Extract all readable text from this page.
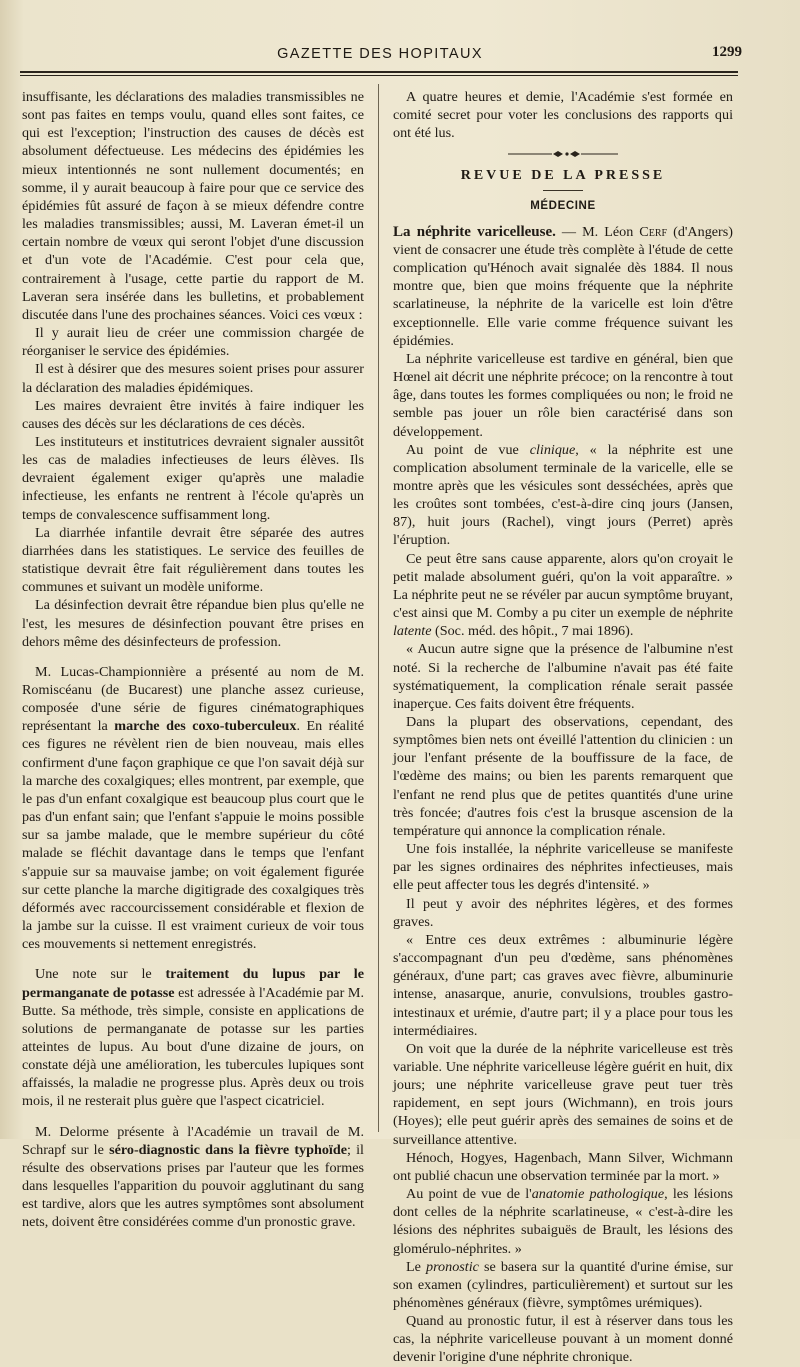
GAZETTE DES HOPITAUX	1299

insuffisante, les déclarations des maladies transmissibles ne sont pas faites en temps voulu, quand elles sont faites, ce qui est l'exception; l'instruction des causes de décès est absolument défectueuse. Les médecins des épidémies les mieux intentionnés ne sont nullement documentés; en somme, il y aurait beaucoup à faire pour que ce service des épidémies fût assuré de façon à se mieux défendre contre les maladies transmissibles; aussi, M. Laveran émet-il un certain nombre de vœux qui seront l'objet d'une discussion et d'un vote de l'Académie. C'est pour cela que, contrairement à l'usage, cette partie du rapport de M. Laveran sera insérée dans les bulletins, et probablement discutée dans l'une des prochaines séances. Voici ces vœux :

Il y aurait lieu de créer une commission chargée de réorganiser le service des épidémies.

Il est à désirer que des mesures soient prises pour assurer la déclaration des maladies épidémiques.

Les maires devraient être invités à faire indiquer les causes des décès sur les déclarations de ces décès.

Les instituteurs et institutrices devraient signaler aussitôt les cas de maladies infectieuses de leurs élèves. Ils devraient également exiger qu'après une maladie infectieuse, les enfants ne rentrent à l'école qu'après un temps de convalescence suffisamment long.

La diarrhée infantile devrait être séparée des autres diarrhées dans les statistiques. Le service des feuilles de statistique devrait être fait régulièrement dans toutes les communes et suivant un modèle uniforme.

La désinfection devrait être répandue bien plus qu'elle ne l'est, les mesures de désinfection pouvant être prises en dehors même des désinfecteurs de profession.

M. Lucas-Championnière a présenté au nom de M. Romiscéanu (de Bucarest) une planche assez curieuse, composée d'une série de figures cinématographiques représentant la marche des coxo-tuberculeux. En réalité ces figures ne révèlent rien de bien nouveau, mais elles confirment d'une façon graphique ce que l'on savait déjà sur la marche des coxalgiques; elles montrent, par exemple, que le pas d'un enfant coxalgique est beaucoup plus court que le pas d'un enfant sain; que l'enfant s'appuie le moins possible sur sa jambe malade, que le membre supérieur du côté malade se fléchit davantage dans le temps que l'enfant s'appuie sur sa mauvaise jambe; on voit également figurée sur cette planche la marche digitigrade des coxalgiques très déformés avec raccourcissement considérable et flexion de la jambe sur la cuisse. Il est vraiment curieux de voir tous ces mouvements si nettement enregistrés.

Une note sur le traitement du lupus par le permanganate de potasse est adressée à l'Académie par M. Butte. Sa méthode, très simple, consiste en applications de solutions de permanganate de potasse sur les parties atteintes de lupus. Au bout d'une dizaine de jours, on constate déjà une amélioration, les tubercules lupiques sont affaissés, la maladie ne progresse plus. Après deux ou trois mois, il ne resterait plus guère que l'aspect cicatriciel.

M. Delorme présente à l'Académie un travail de M. Schrapf sur le séro-diagnostic dans la fièvre typhoïde; il résulte des observations prises par l'auteur que les formes dans lesquelles l'apparition du pouvoir agglutinant du sang est tardive, alors que les autres symptômes sont absolument nets, doivent être considérées comme d'un pronostic grave.

A quatre heures et demie, l'Académie s'est formée en comité secret pour voter les conclusions des rapports qui ont été lus.

REVUE DE LA PRESSE
MÉDECINE

La néphrite varicelleuse. — M. Léon Cerf (d'Angers) vient de consacrer une étude très complète à l'étude de cette complication qu'Hénoch avait signalée dès 1884. Il nous montre que, bien que moins fréquente que la néphrite scarlatineuse, la néphrite de la varicelle est loin d'être exceptionnelle. Elle varie comme fréquence suivant les épidémies.

La néphrite varicelleuse est tardive en général, bien que Hœnel ait décrit une néphrite précoce; on la rencontre à tout âge, dans toutes les formes compliquées ou non; le froid ne semble pas jouer un rôle bien caractérisé dans son développement.

Au point de vue clinique, « la néphrite est une complication absolument terminale de la varicelle, elle se montre après que les vésicules sont desséchées, après que les croûtes sont tombées, c'est-à-dire cinq jours (Jansen, 87), huit jours (Rachel), vingt jours (Perret) après l'éruption.

Ce peut être sans cause apparente, alors qu'on croyait le petit malade absolument guéri, qu'on la voit apparaître. » La néphrite peut ne se révéler par aucun symptôme bruyant, c'est ainsi que M. Comby a pu citer un exemple de néphrite latente (Soc. méd. des hôpit., 7 mai 1896).

« Aucun autre signe que la présence de l'albumine n'est noté. Si la recherche de l'albumine n'avait pas été faite systématiquement, la complication rénale serait passée inaperçue. Ces faits doivent être fréquents.

Dans la plupart des observations, cependant, des symptômes bien nets ont éveillé l'attention du clinicien : un jour l'enfant présente de la bouffissure de la face, de l'œdème des mains; ou bien les parents remarquent que l'enfant ne rend plus que de petites quantités d'une urine très foncée; d'autres fois c'est la brusque ascension de la température qui annonce la complication rénale.

Une fois installée, la néphrite varicelleuse se manifeste par les signes ordinaires des néphrites infectieuses, mais elle peut affecter tous les degrés d'intensité. »

Il peut y avoir des néphrites légères, et des formes graves.

« Entre ces deux extrêmes : albuminurie légère s'accompagnant d'un peu d'œdème, sans phénomènes généraux, d'une part; cas graves avec fièvre, albuminurie intense, anasarque, anurie, convulsions, troubles gastro-intestinaux et urémie, d'autre part; il y a place pour tous les intermédiaires.

On voit que la durée de la néphrite varicelleuse est très variable. Une néphrite varicelleuse légère guérit en huit, dix jours; une néphrite varicelleuse grave peut tuer très rapidement, en sept jours (Wichmann), en trois jours (Hoyes); elle peut guérir après des semaines de soins et de surveillance attentive.

Hénoch, Hogyes, Hagenbach, Mann Silver, Wichmann ont publié chacun une observation terminée par la mort. »

Au point de vue de l'anatomie pathologique, les lésions dont celles de la néphrite scarlatineuse, « c'est-à-dire les lésions des néphrites subaiguës de Brault, les lésions des glomérulo-néphrites. »

Le pronostic se basera sur la quantité d'urine émise, sur son examen (cylindres, particulièrement) et surtout sur les phénomènes généraux (fièvre, symptômes urémiques).

Quand au pronostic futur, il est à réserver dans tous les cas, la néphrite varicelleuse pouvant à un moment donné devenir l'origine d'une néphrite chronique.
